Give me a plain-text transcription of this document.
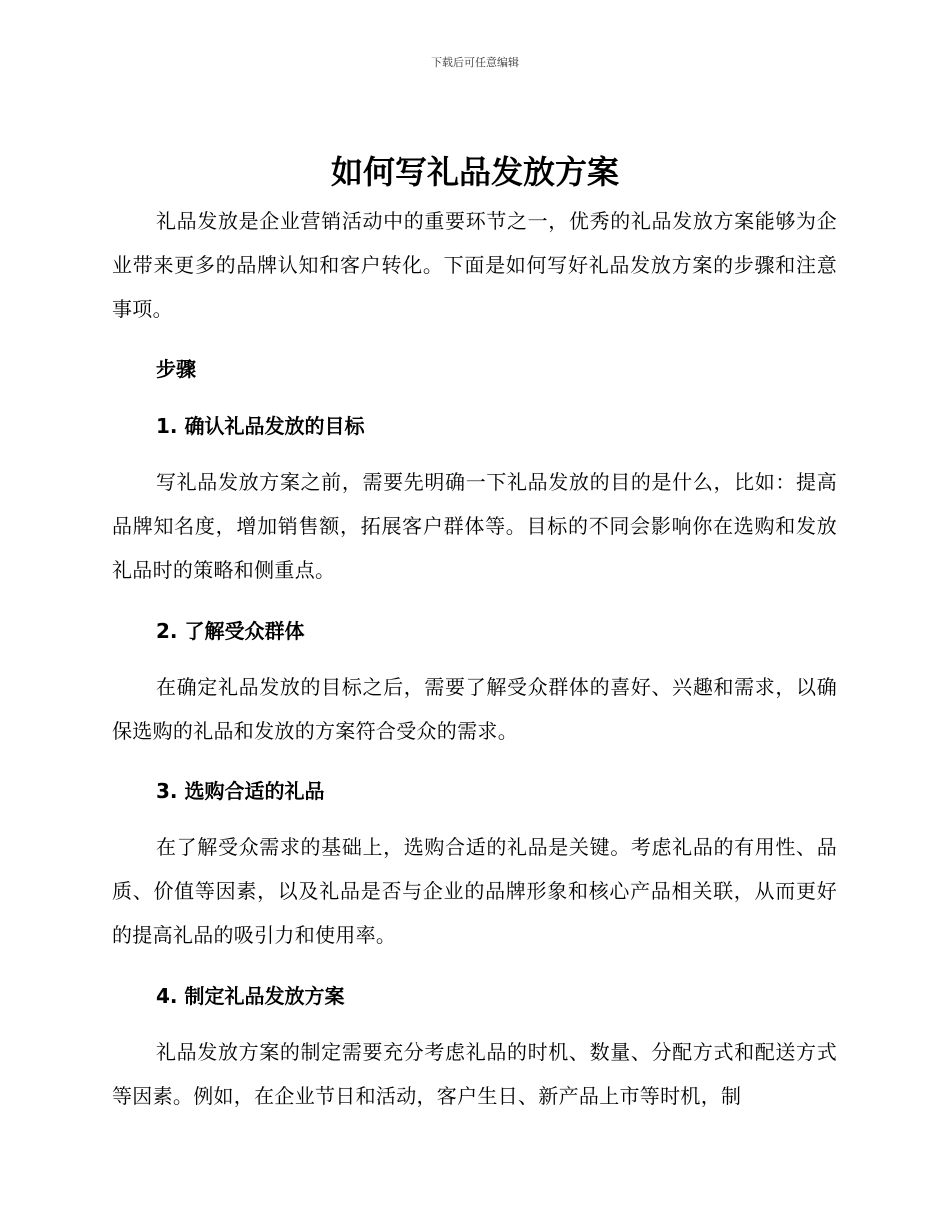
下载后可任意编辑
如何写礼品发放方案
礼品发放是企业营销活动中的重要环节之一，优秀的礼品发放方案能够为企业带来更多的品牌认知和客户转化。下面是如何写好礼品发放方案的步骤和注意事项。
步骤
1. 确认礼品发放的目标
写礼品发放方案之前，需要先明确一下礼品发放的目的是什么，比如：提高品牌知名度，增加销售额，拓展客户群体等。目标的不同会影响你在选购和发放礼品时的策略和侧重点。
2. 了解受众群体
在确定礼品发放的目标之后，需要了解受众群体的喜好、兴趣和需求，以确保选购的礼品和发放的方案符合受众的需求。
3. 选购合适的礼品
在了解受众需求的基础上，选购合适的礼品是关键。考虑礼品的有用性、品质、价值等因素，以及礼品是否与企业的品牌形象和核心产品相关联，从而更好的提高礼品的吸引力和使用率。
4. 制定礼品发放方案
礼品发放方案的制定需要充分考虑礼品的时机、数量、分配方式和配送方式等因素。例如，在企业节日和活动，客户生日、新产品上市等时机，制
